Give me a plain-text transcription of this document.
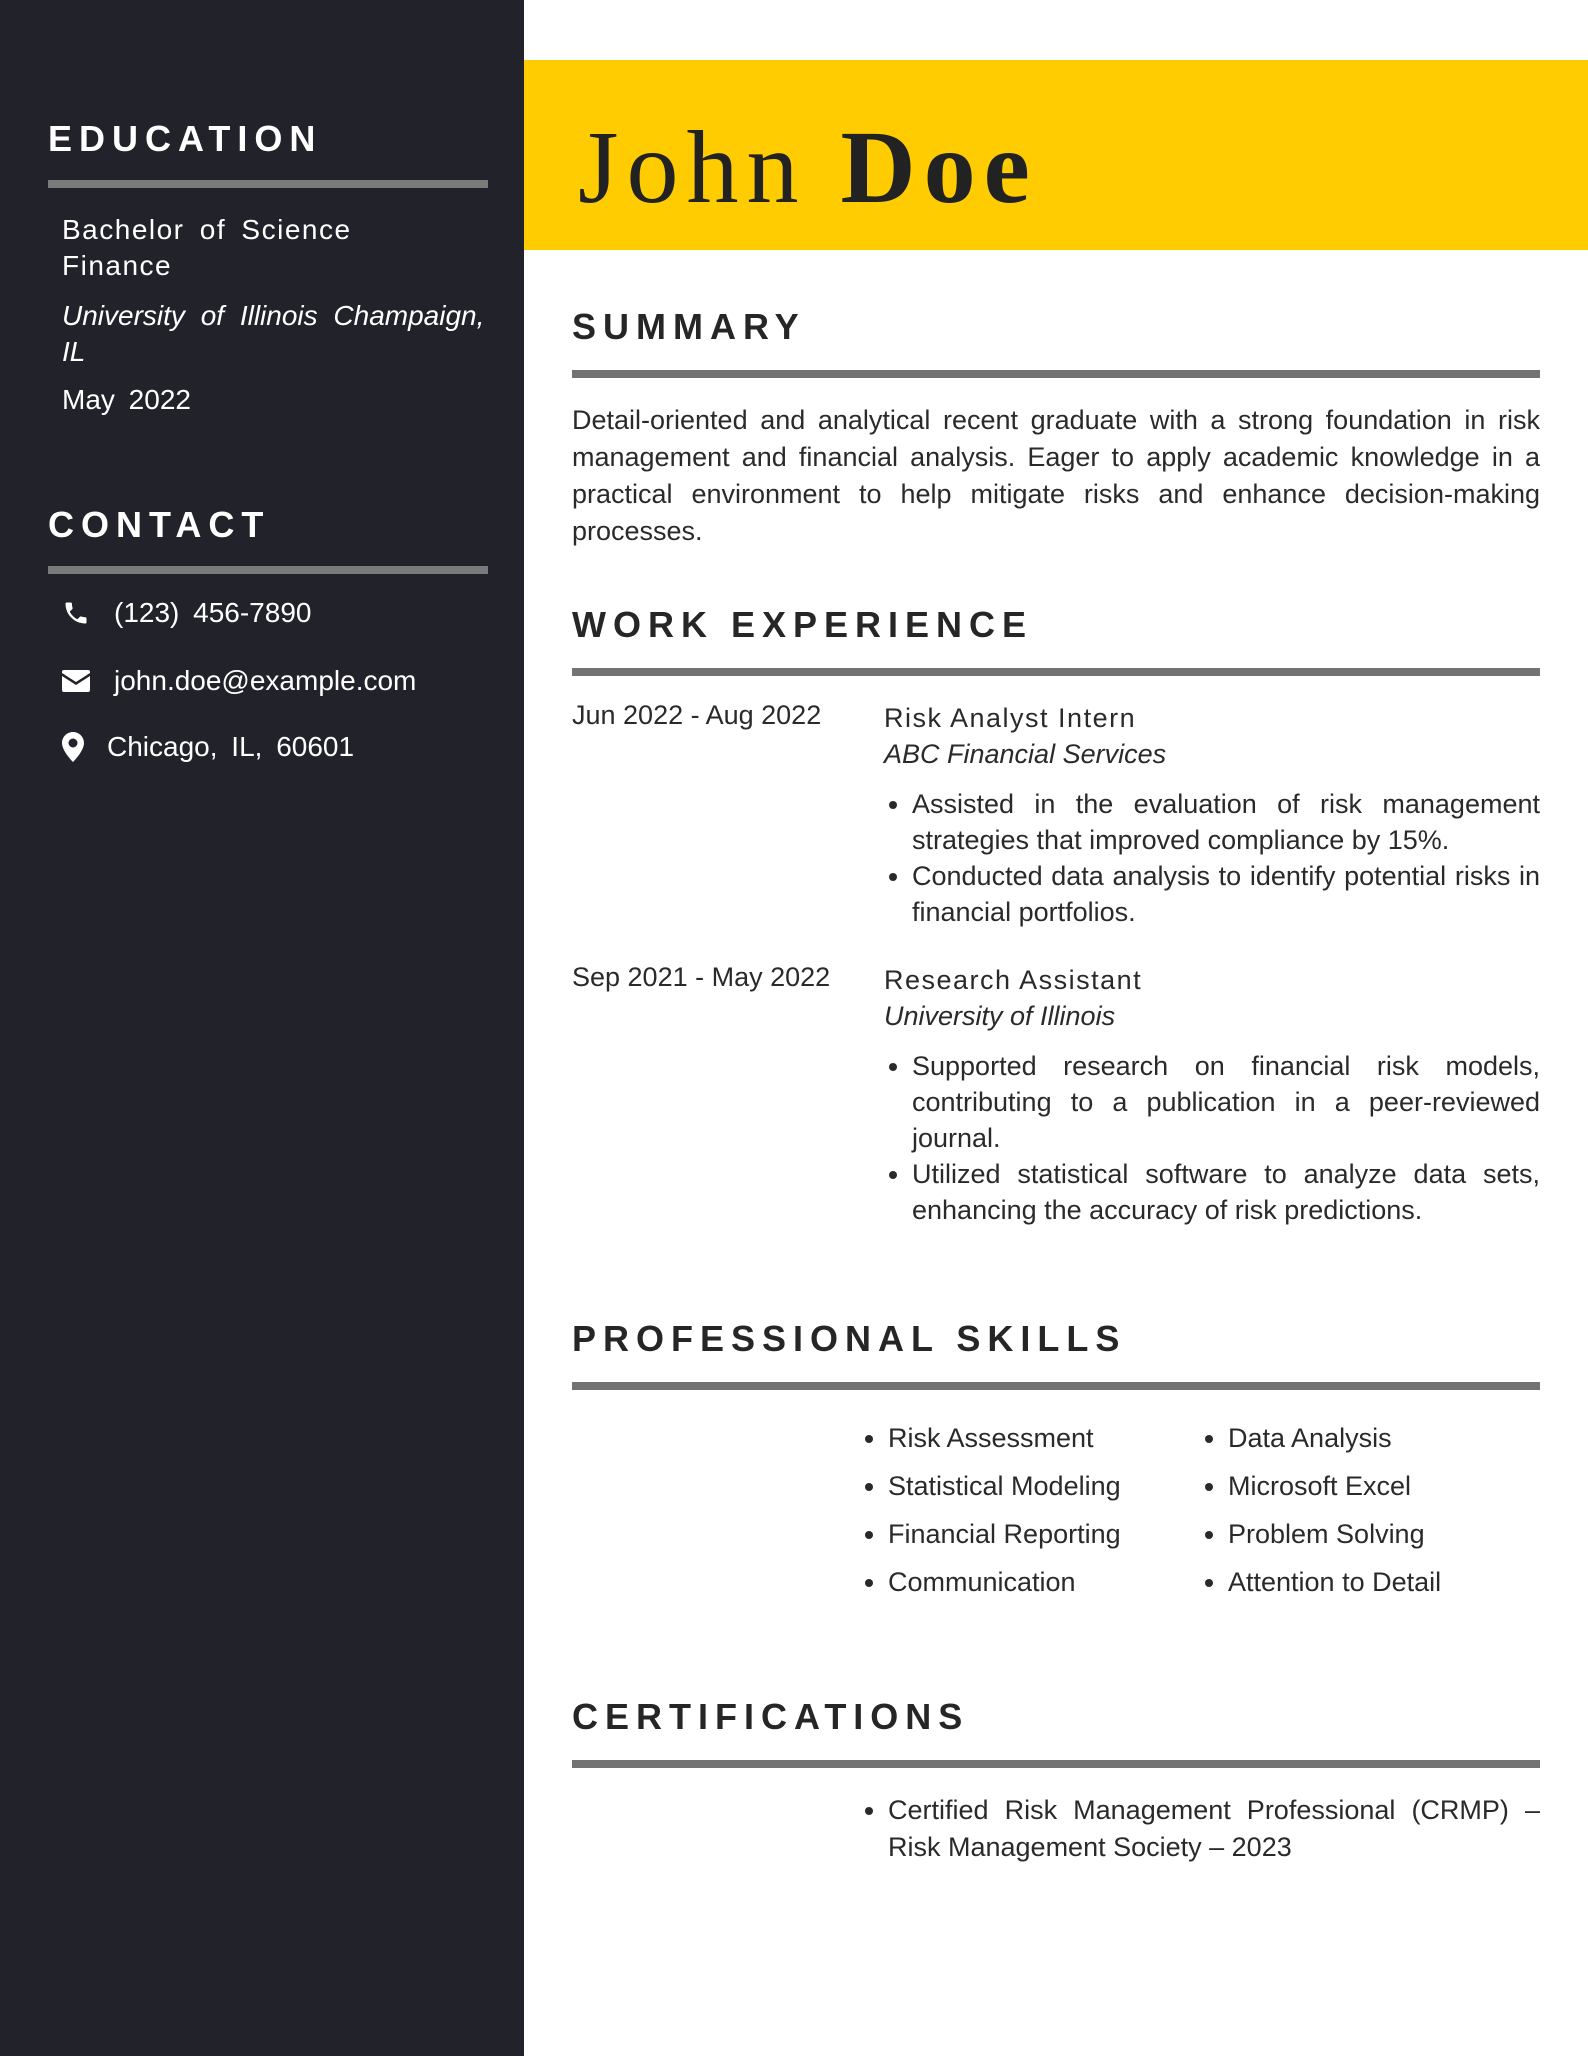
EDUCATION

Bachelor of Science
Finance

University of Illinois Champaign, IL

May 2022

CONTACT
(123) 456-7890
john.doe@example.com
Chicago, IL, 60601
John Doe
SUMMARY

Detail-oriented and analytical recent graduate with a strong foundation in risk management and financial analysis. Eager to apply academic knowledge in a practical environment to help mitigate risks and enhance decision-making processes.

WORK EXPERIENCE
Jun 2022 - Aug 2022 Risk Analyst Intern
ABC Financial Services
• Assisted in the evaluation of risk management strategies that improved compliance by 15%.
• Conducted data analysis to identify potential risks in financial portfolios.
Sep 2021 - May 2022 Research Assistant
University of Illinois
• Supported research on financial risk models, contributing to a publication in a peer-reviewed journal.
• Utilized statistical software to analyze data sets, enhancing the accuracy of risk predictions.
PROFESSIONAL SKILLS
• Risk Assessment
• Statistical Modeling
• Financial Reporting
• Communication
• Data Analysis
• Microsoft Excel
• Problem Solving
• Attention to Detail
CERTIFICATIONS
• Certified Risk Management Professional (CRMP) – Risk Management Society – 2023
